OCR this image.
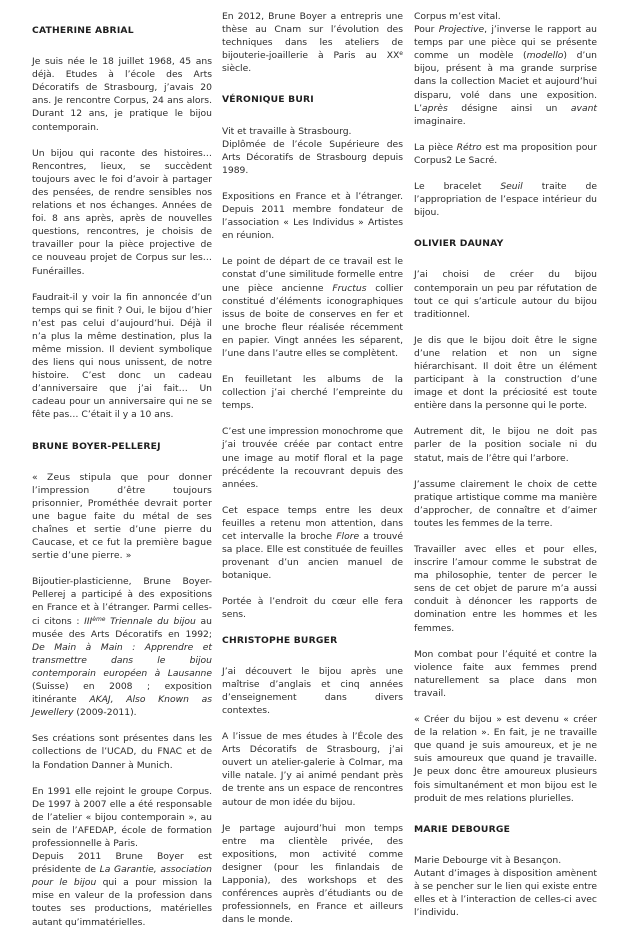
CATHERINE ABRIAL

Je suis née le 18 juillet 1968, 45 ans déjà. Etudes à l’école des Arts Décoratifs de Strasbourg, j’avais 20 ans. Je rencontre Corpus, 24 ans alors. Durant 12 ans, je pratique le bijou contemporain.

Un bijou qui raconte des histoires… Rencontres, lieux, se succèdent toujours avec le foi d’avoir à partager des pensées, de rendre sensibles nos relations et nos échanges. Années de foi. 8 ans après, après de nouvelles questions, rencontres, je choisis de travailler pour la pièce projective de ce nouveau projet de Corpus sur les… Funérailles.

Faudrait-il y voir la fin annoncée d’un temps qui se finit ? Oui, le bijou d’hier n’est pas celui d’aujourd’hui. Déjà il n’a plus la même destination, plus la même mission. Il devient symbolique des liens qui nous unissent, de notre histoire. C’est donc un cadeau d’anniversaire que j’ai fait… Un cadeau pour un anniversaire qui ne se fête pas… C’était il y a 10 ans.

BRUNE BOYER-PELLEREJ

« Zeus stipula que pour donner l’impression d’être toujours prisonnier, Prométhée devrait porter une bague faite du métal de ses chaînes et sertie d’une pierre du Caucase, et ce fut la première bague sertie d’une pierre. »

Bijoutier-plasticienne, Brune Boyer-Pellerej a participé à des expositions en France et à l’étranger. Parmi celles-ci citons : IIIème Triennale du bijou au musée des Arts Décoratifs en 1992; De Main à Main : Apprendre et transmettre dans le bijou contemporain européen à Lausanne (Suisse) en 2008 ; exposition itinérante AKAJ, Also Known as Jewellery (2009-2011).

Ses créations sont présentes dans les collections de l’UCAD, du FNAC et de la Fondation Danner à Munich.

En 1991 elle rejoint le groupe Corpus. De 1997 à 2007 elle a été responsable de l’atelier « bijou contemporain », au sein de l’AFEDAP, école de formation professionnelle à Paris.

Depuis 2011 Brune Boyer est présidente de La Garantie, association pour le bijou qui a pour mission la mise en valeur de la profession dans toutes ses productions, matérielles autant qu’immatérielles.

En 2012, Brune Boyer a entrepris une thèse au Cnam sur l’évolution des techniques dans les ateliers de bijouterie-joaillerie à Paris au XXe siècle.

VÉRONIQUE BURI

Vit et travaille à Strasbourg.

Diplômée de l’école Supérieure des Arts Décoratifs de Strasbourg depuis 1989.

Expositions en France et à l’étranger. Depuis 2011 membre fondateur de l’association « Les Individus » Artistes en réunion.

Le point de départ de ce travail est le constat d’une similitude formelle entre une pièce ancienne Fructus collier constitué d’éléments iconographiques issus de boite de conserves en fer et une broche fleur réalisée récemment en papier. Vingt années les séparent, l’une dans l’autre elles se complètent.

En feuilletant les albums de la collection j’ai cherché l’empreinte du temps.

C’est une impression monochrome que j’ai trouvée créée par contact entre une image au motif floral et la page précédente la recouvrant depuis des années.

Cet espace temps entre les deux feuilles a retenu mon attention, dans cet intervalle la broche Flore a trouvé sa place. Elle est constituée de feuilles provenant d’un ancien manuel de botanique.

Portée à l’endroit du cœur elle fera sens.

CHRISTOPHE BURGER

J’ai découvert le bijou après une maîtrise d’anglais et cinq années d’enseignement dans divers contextes.

A l’issue de mes études à l’École des Arts Décoratifs de Strasbourg, j’ai ouvert un atelier-galerie à Colmar, ma ville natale. J’y ai animé pendant près de trente ans un espace de rencontres autour de mon idée du bijou.

Je partage aujourd’hui mon temps entre ma clientèle privée, des expositions, mon activité comme designer (pour les finlandais de Lapponia), des workshops et des conférences auprès d’étudiants ou de professionnels, en France et ailleurs dans le monde.

Corpus m’est vital.

Pour Projective, j’inverse le rapport au temps par une pièce qui se présente comme un modèle (modello) d’un bijou, présent à ma grande surprise dans la collection Maciet et aujourd’hui disparu, volé dans une exposition. L’après désigne ainsi un avant imaginaire.

La pièce Rétro est ma proposition pour Corpus2 Le Sacré.

Le bracelet Seuil traite de l’appropriation de l’espace intérieur du bijou.

OLIVIER DAUNAY

J’ai choisi de créer du bijou contemporain un peu par réfutation de tout ce qui s’articule autour du bijou traditionnel.

Je dis que le bijou doit être le signe d’une relation et non un signe hiérarchisant. Il doit être un élément participant à la construction d’une image et dont la préciosité est toute entière dans la personne qui le porte.

Autrement dit, le bijou ne doit pas parler de la position sociale ni du statut, mais de l’être qui l’arbore.

J’assume clairement le choix de cette pratique artistique comme ma manière d’approcher, de connaître et d’aimer toutes les femmes de la terre.

Travailler avec elles et pour elles, inscrire l’amour comme le substrat de ma philosophie, tenter de percer le sens de cet objet de parure m’a aussi conduit à dénoncer les rapports de domination entre les hommes et les femmes.

Mon combat pour l’équité et contre la violence faite aux femmes prend naturellement sa place dans mon travail.

« Créer du bijou » est devenu « créer de la relation ». En fait, je ne travaille que quand je suis amoureux, et je ne suis amoureux que quand je travaille. Je peux donc être amoureux plusieurs fois simultanément et mon bijou est le produit de mes relations plurielles.

MARIE DEBOURGE

Marie Debourge vit à Besançon.

Autant d’images à disposition amènent à se pencher sur le lien qui existe entre elles et à l’interaction de celles-ci avec l’individu.
